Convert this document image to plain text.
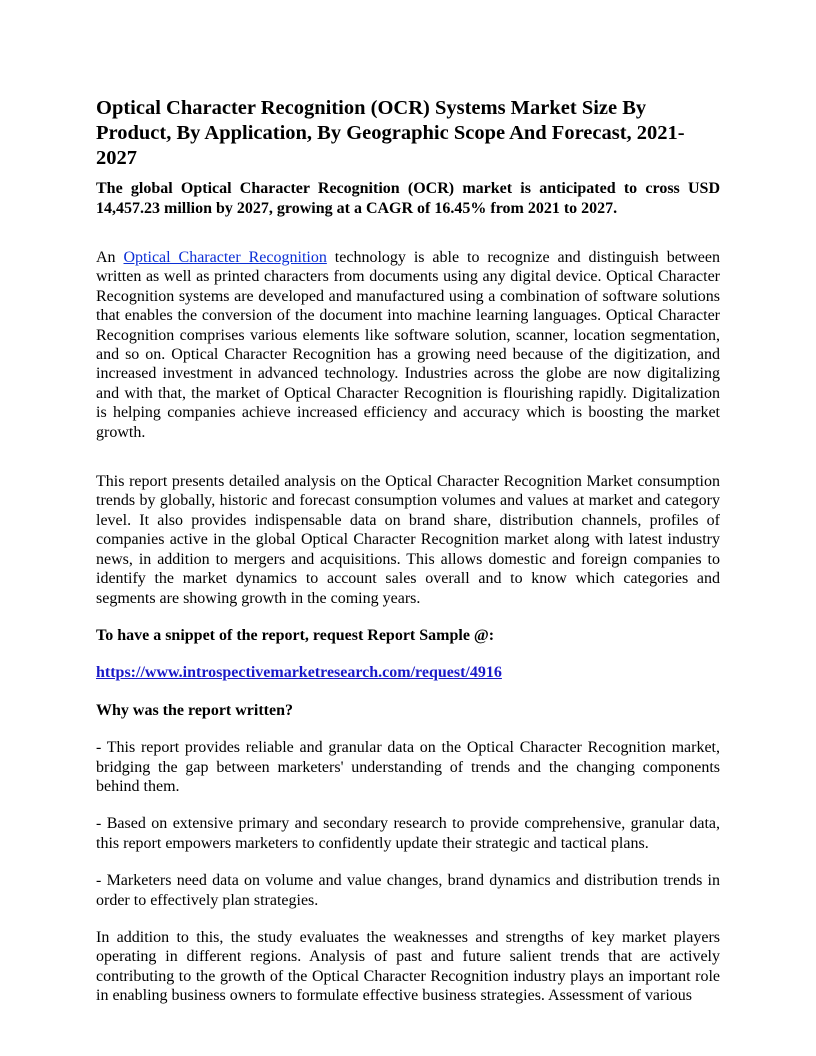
Optical Character Recognition (OCR) Systems Market Size By Product, By Application, By Geographic Scope And Forecast, 2021-2027

The global Optical Character Recognition (OCR) market is anticipated to cross USD 14,457.23 million by 2027, growing at a CAGR of 16.45% from 2021 to 2027.

An Optical Character Recognition technology is able to recognize and distinguish between written as well as printed characters from documents using any digital device. Optical Character Recognition systems are developed and manufactured using a combination of software solutions that enables the conversion of the document into machine learning languages. Optical Character Recognition comprises various elements like software solution, scanner, location segmentation, and so on. Optical Character Recognition has a growing need because of the digitization, and increased investment in advanced technology. Industries across the globe are now digitalizing and with that, the market of Optical Character Recognition is flourishing rapidly. Digitalization is helping companies achieve increased efficiency and accuracy which is boosting the market growth.

This report presents detailed analysis on the Optical Character Recognition Market consumption trends by globally, historic and forecast consumption volumes and values at market and category level. It also provides indispensable data on brand share, distribution channels, profiles of companies active in the global Optical Character Recognition market along with latest industry news, in addition to mergers and acquisitions. This allows domestic and foreign companies to identify the market dynamics to account sales overall and to know which categories and segments are showing growth in the coming years.

To have a snippet of the report, request Report Sample @:

https://www.introspectivemarketresearch.com/request/4916

Why was the report written?

- This report provides reliable and granular data on the Optical Character Recognition market, bridging the gap between marketers' understanding of trends and the changing components behind them.

- Based on extensive primary and secondary research to provide comprehensive, granular data, this report empowers marketers to confidently update their strategic and tactical plans.

- Marketers need data on volume and value changes, brand dynamics and distribution trends in order to effectively plan strategies.

In addition to this, the study evaluates the weaknesses and strengths of key market players operating in different regions. Analysis of past and future salient trends that are actively contributing to the growth of the Optical Character Recognition industry plays an important role in enabling business owners to formulate effective business strategies. Assessment of various
